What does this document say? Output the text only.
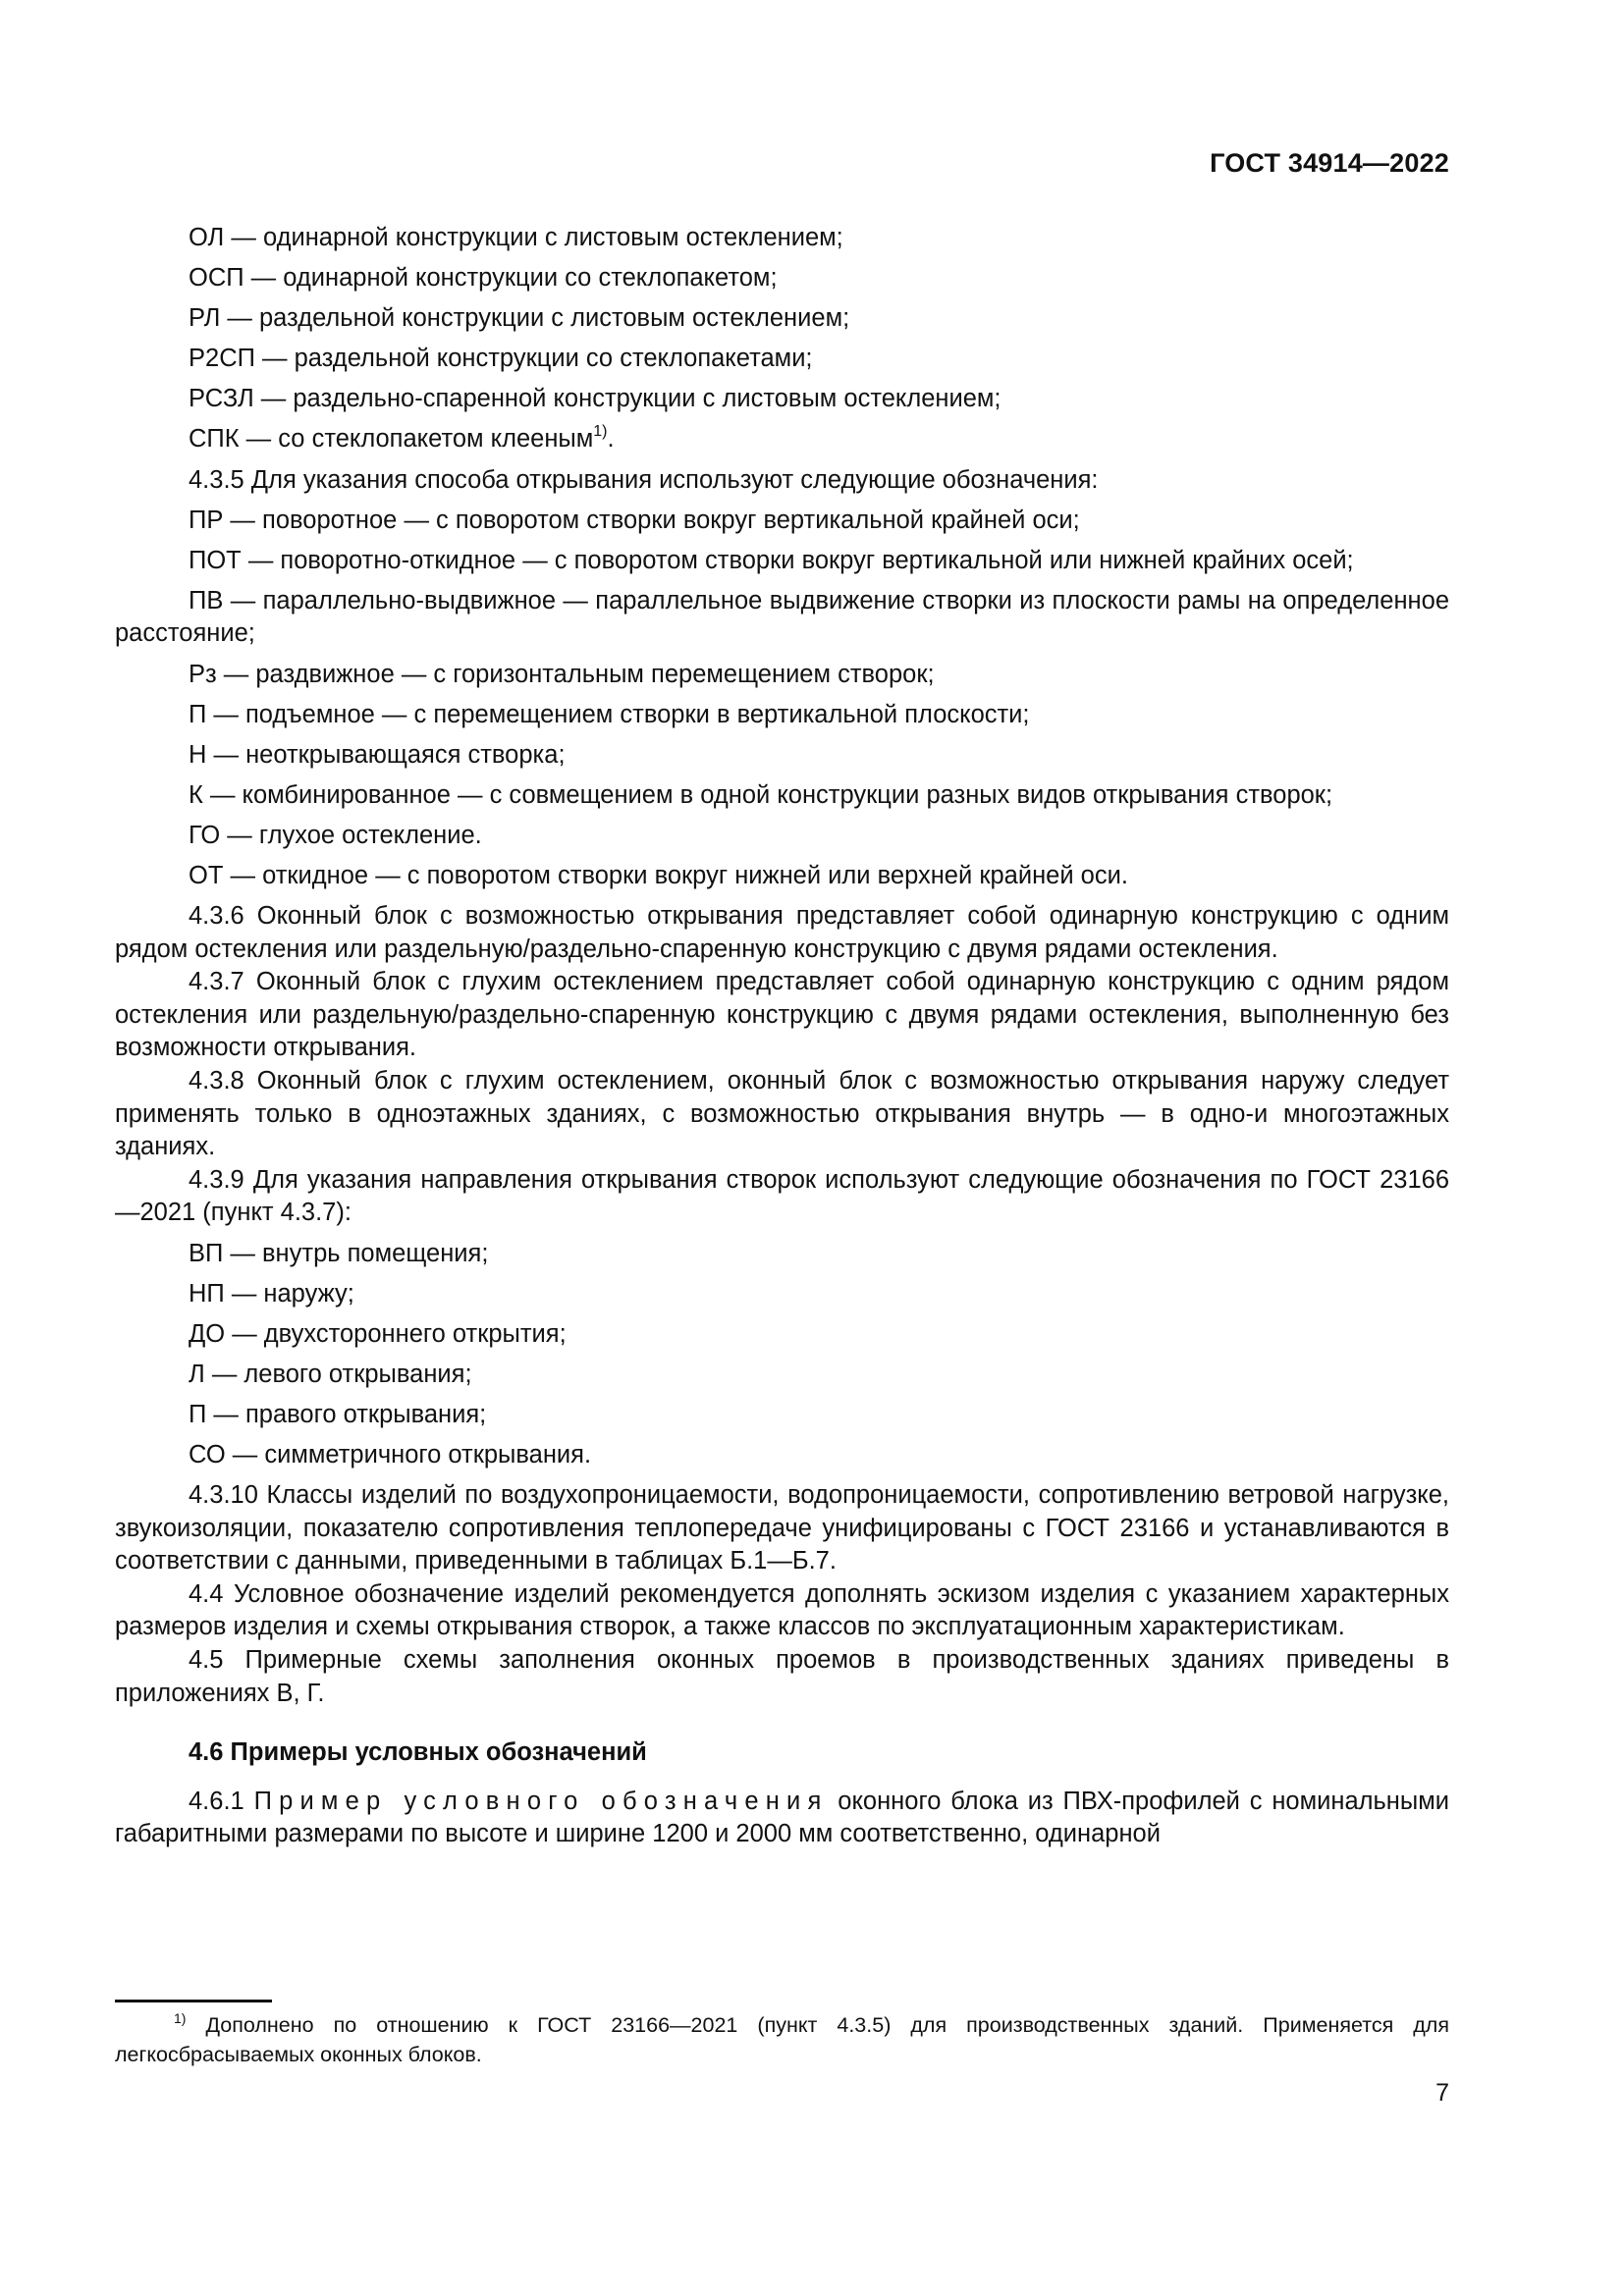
ГОСТ 34914—2022

ОЛ — одинарной конструкции с листовым остеклением;

ОСП — одинарной конструкции со стеклопакетом;

РЛ — раздельной конструкции с листовым остеклением;

Р2СП — раздельной конструкции со стеклопакетами;

РСЗЛ — раздельно-спаренной конструкции с листовым остеклением;

СПК — со стеклопакетом клееным$^{1)}$.

4.3.5 Для указания способа открывания используют следующие обозначения:

ПР — поворотное — с поворотом створки вокруг вертикальной крайней оси;

ПОТ — поворотно-откидное — с поворотом створки вокруг вертикальной или нижней крайних осей;

ПВ — параллельно-выдвижное — параллельное выдвижение створки из плоскости рамы на определенное расстояние;

Рз — раздвижное — с горизонтальным перемещением створок;

П — подъемное — с перемещением створки в вертикальной плоскости;

Н — неоткрывающаяся створка;

К — комбинированное — с совмещением в одной конструкции разных видов открывания створок;

ГО — глухое остекление.

ОТ — откидное — с поворотом створки вокруг нижней или верхней крайней оси.

4.3.6 Оконный блок с возможностью открывания представляет собой одинарную конструкцию с одним рядом остекления или раздельную/раздельно-спаренную конструкцию с двумя рядами остекления.

4.3.7 Оконный блок с глухим остеклением представляет собой одинарную конструкцию с одним рядом остекления или раздельную/раздельно-спаренную конструкцию с двумя рядами остекления, выполненную без возможности открывания.

4.3.8 Оконный блок с глухим остеклением, оконный блок с возможностью открывания наружу следует применять только в одноэтажных зданиях, с возможностью открывания внутрь — в одно-и многоэтажных зданиях.

4.3.9 Для указания направления открывания створок используют следующие обозначения по ГОСТ 23166—2021 (пункт 4.3.7):

ВП — внутрь помещения;

НП — наружу;

ДО — двухстороннего открытия;

Л — левого открывания;

П — правого открывания;

СО — симметричного открывания.

4.3.10 Классы изделий по воздухопроницаемости, водопроницаемости, сопротивлению ветровой нагрузке, звукоизоляции, показателю сопротивления теплопередаче унифицированы с ГОСТ 23166 и устанавливаются в соответствии с данными, приведенными в таблицах Б.1—Б.7.

4.4 Условное обозначение изделий рекомендуется дополнять эскизом изделия с указанием характерных размеров изделия и схемы открывания створок, а также классов по эксплуатационным характеристикам.

4.5 Примерные схемы заполнения оконных проемов в производственных зданиях приведены в приложениях В, Г.

4.6 Примеры условных обозначений

4.6.1 Пример условного обозначения оконного блока из ПВХ-профилей с номинальными габаритными размерами по высоте и ширине 1200 и 2000 мм соответственно, одинарной

$^{1)}$ Дополнено по отношению к ГОСТ 23166—2021 (пункт 4.3.5) для производственных зданий. Применяется для легкосбрасываемых оконных блоков.

7
